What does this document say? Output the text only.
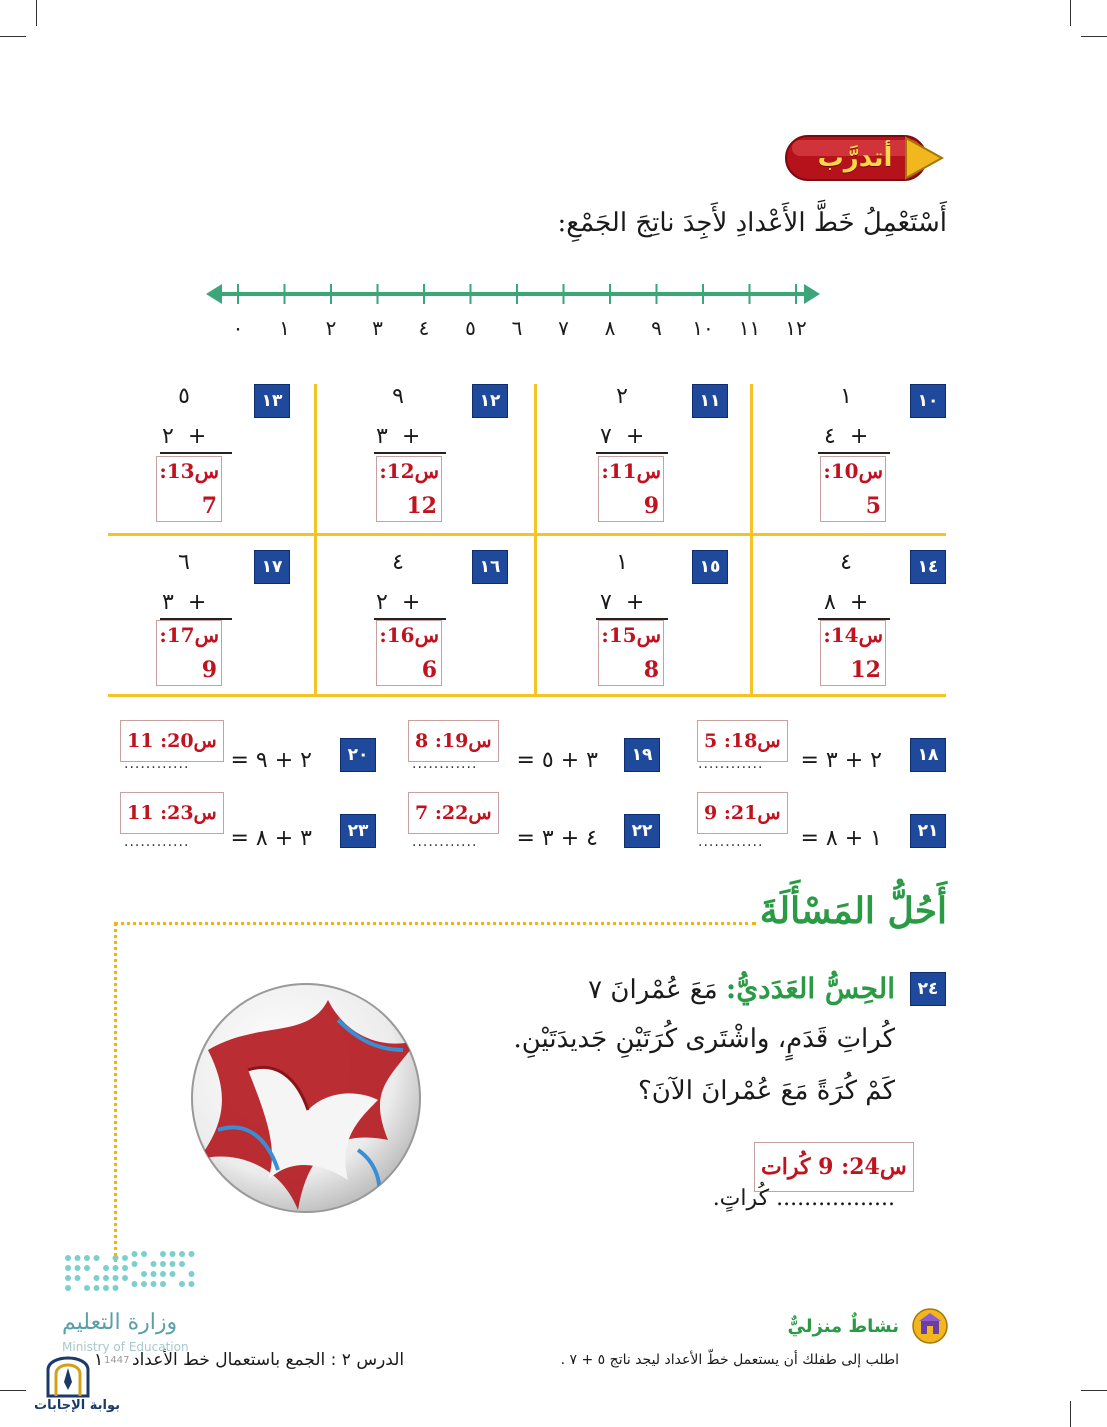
أتدرَّب
أَسْتَعْمِلُ خَطَّ الأَعْدادِ لأَجِدَ ناتِجَ الجَمْعِ:
٠	١	٢	٣	٤	٥	٦	٧	٨	٩	١٠ ١١ ١٢
١٠
١
+  ٤
س10:
5
١١
٢
+  ٧
س11:
9
١٢
٩
+  ٣
س12:
12
١٣
٥
+  ٢
س13:
7
١٤
٤
+  ٨
س14:
12
١٥
١
+  ٧
س15:
8
١٦
٤
+  ٢
س16:
6
١٧
٦
+  ٣
س17:
9
١٨
٢ + ٣ =
س18: 5
............
١٩
٣ + ٥ =
س19: 8
............
٢٠
٢ + ٩ =
س20: 11
............
٢١
١ + ٨ =
س21: 9
............
٢٢
٤ + ٣ =
س22: 7
............
٢٣
٣ + ٨ =
س23: 11
............
أَحُلُّ المَسْأَلَةَ
٢٤
الحِسُّ العَدَديُّ: مَعَ عُمْرانَ ٧
كُراتِ قَدَمٍ، واشْتَرى كُرَتَيْنِ جَديدَتَيْنِ.
كَمْ كُرَةً مَعَ عُمْرانَ الآنَ؟
س24: 9 كُرات
................. كُراتٍ.
نشاطٌ منزليٌّ
اطلب إلى طفلك أن يستعمل خطّ الأعداد ليجد ناتج ٥ + ٧ .
الدرس ٢ : الجمع باستعمال خط الأعداد
١ 1447
وزارة التعليم
Ministry of Education
بوابة الإجابات
